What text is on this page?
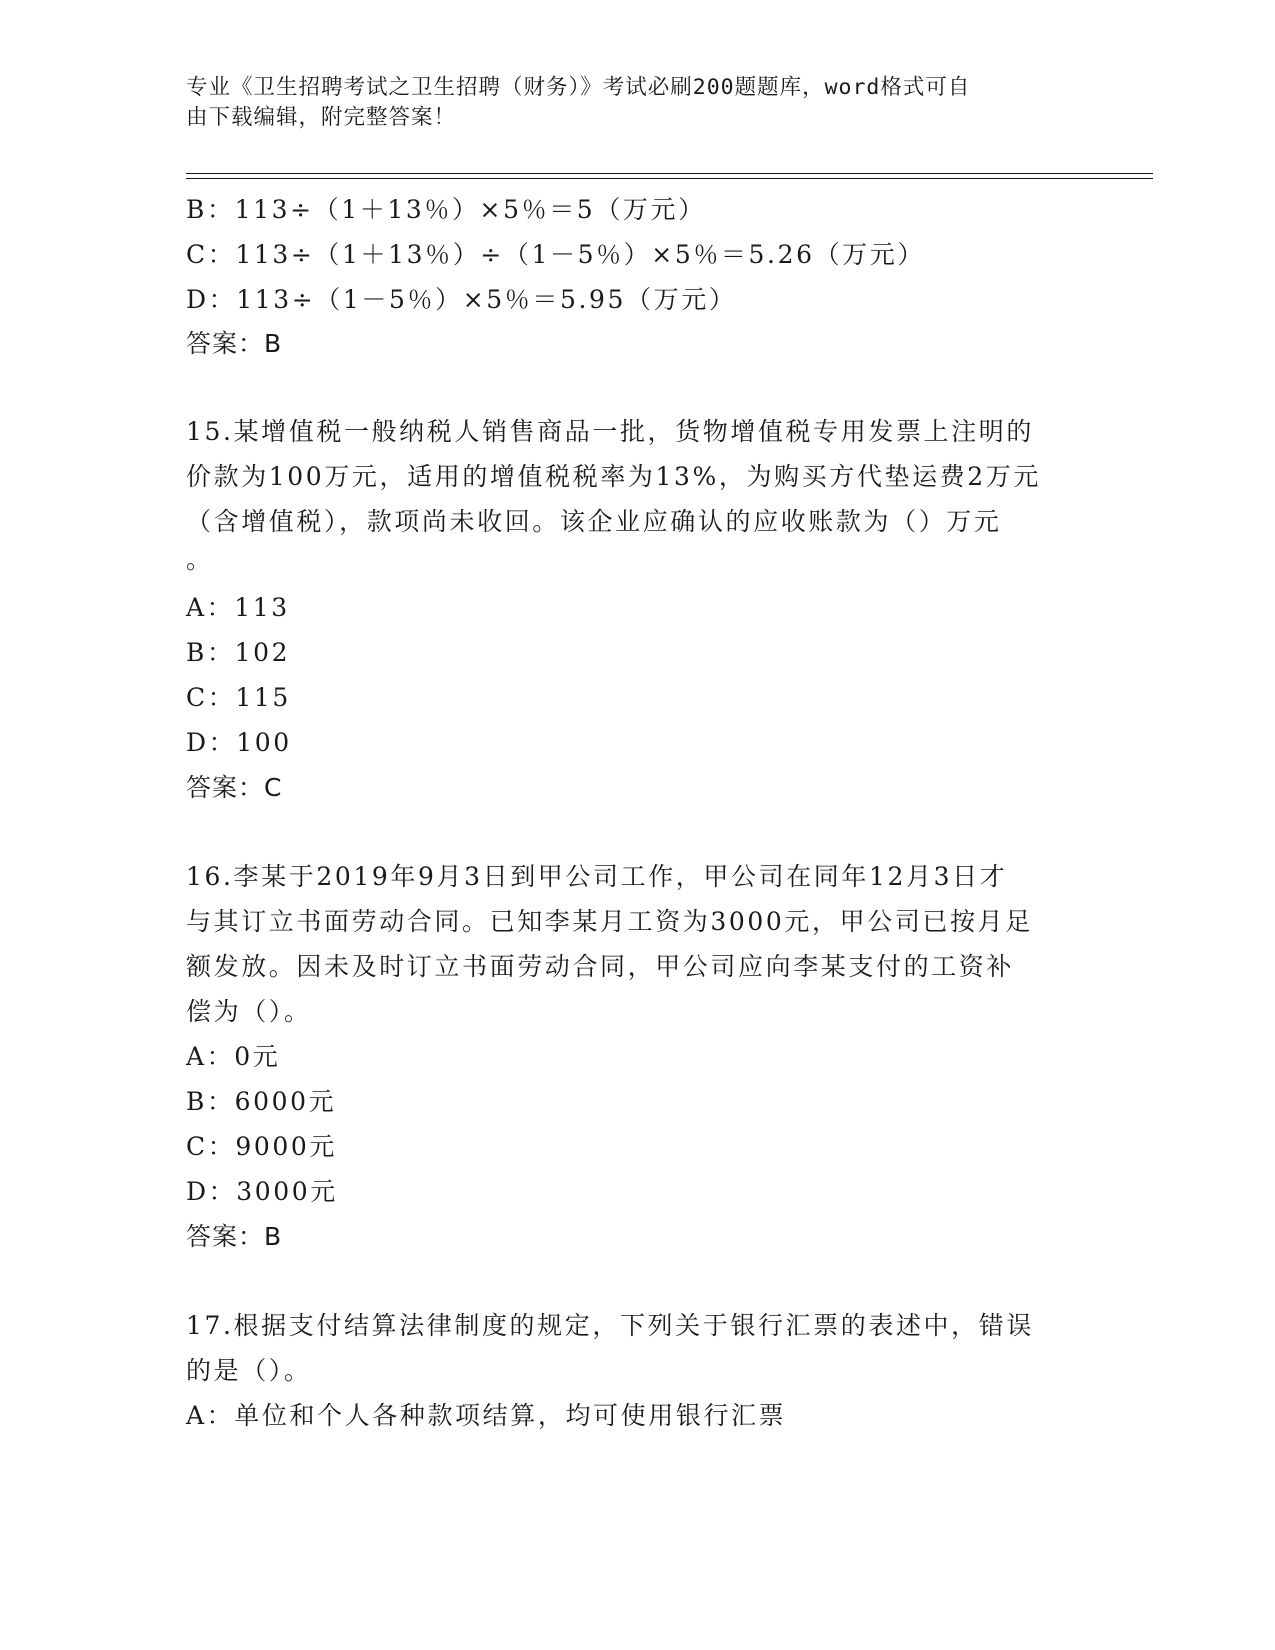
专业《卫生招聘考试之卫生招聘（财务）》考试必刷200题题库，word格式可自
由下载编辑，附完整答案！
B：113÷（1＋13％）×5％＝5（万元）
C：113÷（1＋13％）÷（1－5％）×5％＝5.26（万元）
D：113÷（1－5％）×5％＝5.95（万元）
答案：B
15.某增值税一般纳税人销售商品一批，货物增值税专用发票上注明的
价款为100万元，适用的增值税税率为13%，为购买方代垫运费2万元
（含增值税），款项尚未收回。该企业应确认的应收账款为（）万元
。
A：113
B：102
C：115
D：100
答案：C
16.李某于2019年9月3日到甲公司工作，甲公司在同年12月3日才
与其订立书面劳动合同。已知李某月工资为3000元，甲公司已按月足
额发放。因未及时订立书面劳动合同，甲公司应向李某支付的工资补
偿为（）。
A：0元
B：6000元
C：9000元
D：3000元
答案：B
17.根据支付结算法律制度的规定，下列关于银行汇票的表述中，错误
的是（）。
A：单位和个人各种款项结算，均可使用银行汇票
